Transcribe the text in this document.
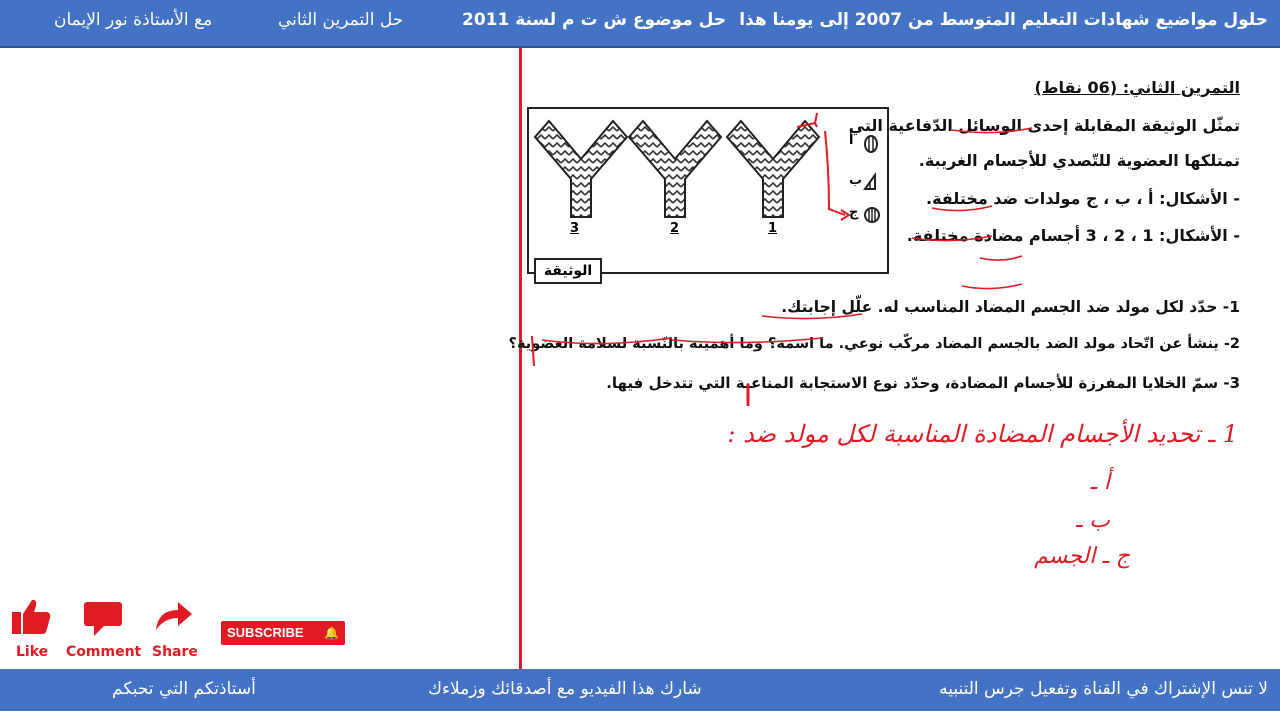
حلول مواضيع شهادات التعليم المتوسط من 2007 إلى يومنا هذا
حل موضوع ش ت م لسنة 2011
حل التمرين الثاني
مع الأستاذة نور الإيمان
التمرين الثاني: (06 نقاط)
تمثّل الوثيقة المقابلة إحدى الوسائل الدّفاعية التي
تمتلكها العضوية للتّصدي للأجسام الغريبة.
- الأشكال: أ ، ب ، ج مولدات ضد مختلفة.
- الأشكال: 1 ، 2 ، 3 أجسام مضادة مختلفة.
3	2	1
أ
ب
ج
الوثيقة
1- حدّد لكل مولد ضد الجسم المضاد المناسب له. علّل إجابتك.
2- ينشأ عن اتّحاد مولد الضد بالجسم المضاد مركّب نوعي. ما اسمه؟ وما أهميته بالنّسبة لسلامة العضوية؟
3- سمّ الخلايا المفرزة للأجسام المضادة، وحدّد نوع الاستجابة المناعية التي تتدخل فيها.
1 ـ تحديد الأجسام المضادة المناسبة لكل مولد ضد :
أ ـ
ب ـ
ج ـ الجسم
Like Comment Share
SUBSCRIBE 🔔
لا تنس الإشتراك في القناة وتفعيل جرس التنبيه
شارك هذا الفيديو مع أصدقائك وزملاءك
أستاذتكم التي تحبكم
